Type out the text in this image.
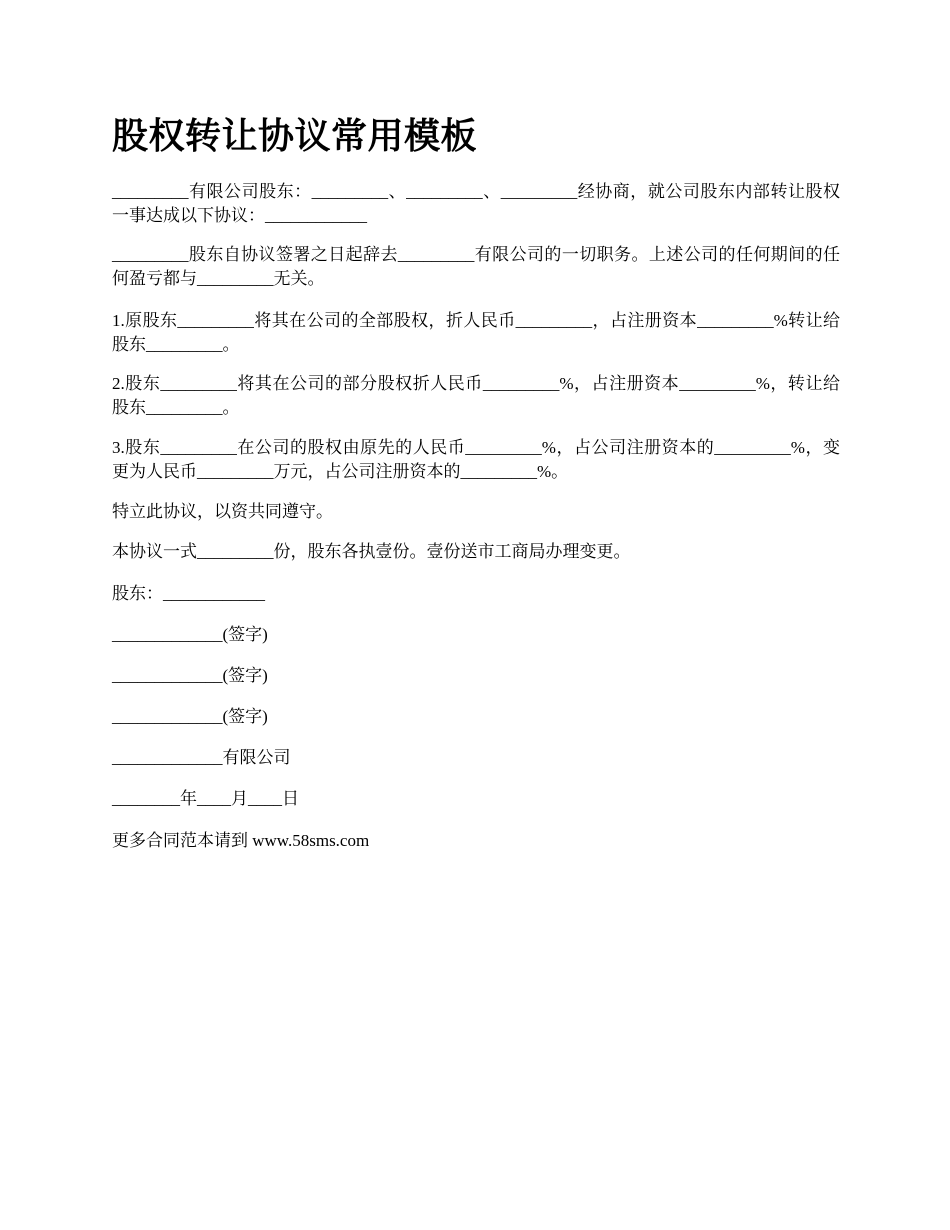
股权转让协议常用模板

_________有限公司股东：_________、_________、_________经协商，就公司股东内部转让股权一事达成以下协议：____________

_________股东自协议签署之日起辞去_________有限公司的一切职务。上述公司的任何期间的任何盈亏都与_________无关。

1.原股东_________将其在公司的全部股权，折人民币_________，占注册资本_________%转让给股东_________。

2.股东_________将其在公司的部分股权折人民币_________%，占注册资本_________%，转让给股东_________。

3.股东_________在公司的股权由原先的人民币_________%，占公司注册资本的_________%，变更为人民币_________万元，占公司注册资本的_________%。

特立此协议，以资共同遵守。

本协议一式_________份，股东各执壹份。壹份送市工商局办理变更。

股东：____________

_____________(签字)

_____________(签字)

_____________(签字)

_____________有限公司

________年____月____日

更多合同范本请到 www.58sms.com
